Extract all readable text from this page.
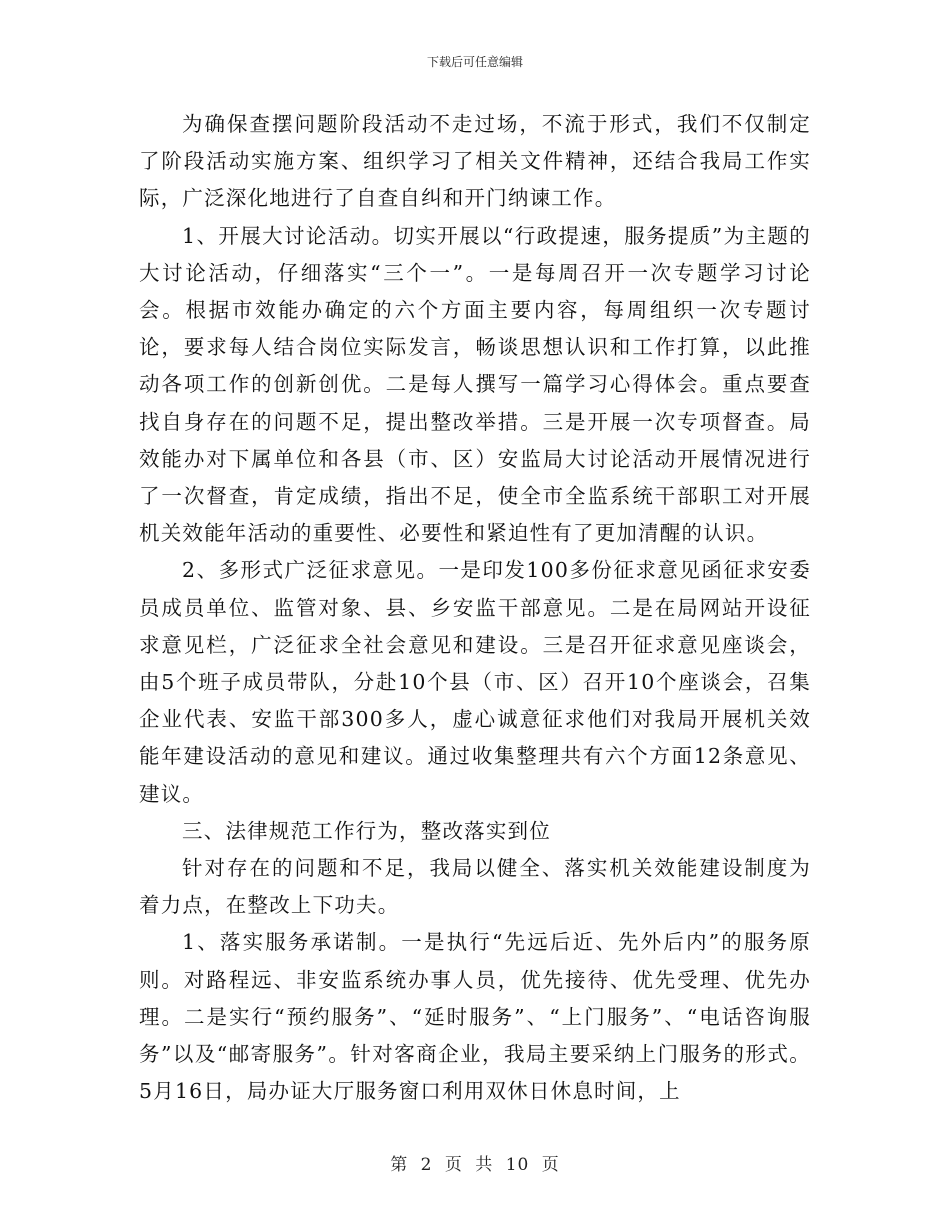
下载后可任意编辑

为确保查摆问题阶段活动不走过场，不流于形式，我们不仅制定了阶段活动实施方案、组织学习了相关文件精神，还结合我局工作实际，广泛深化地进行了自查自纠和开门纳谏工作。

1、开展大讨论活动。切实开展以“行政提速，服务提质”为主题的大讨论活动，仔细落实“三个一”。一是每周召开一次专题学习讨论会。根据市效能办确定的六个方面主要内容，每周组织一次专题讨论，要求每人结合岗位实际发言，畅谈思想认识和工作打算，以此推动各项工作的创新创优。二是每人撰写一篇学习心得体会。重点要查找自身存在的问题不足，提出整改举措。三是开展一次专项督查。局效能办对下属单位和各县（市、区）安监局大讨论活动开展情况进行了一次督查，肯定成绩，指出不足，使全市全监系统干部职工对开展机关效能年活动的重要性、必要性和紧迫性有了更加清醒的认识。

2、多形式广泛征求意见。一是印发100多份征求意见函征求安委员成员单位、监管对象、县、乡安监干部意见。二是在局网站开设征求意见栏，广泛征求全社会意见和建设。三是召开征求意见座谈会，由5个班子成员带队，分赴10个县（市、区）召开10个座谈会，召集企业代表、安监干部300多人，虚心诚意征求他们对我局开展机关效能年建设活动的意见和建议。通过收集整理共有六个方面12条意见、建议。

三、法律规范工作行为，整改落实到位

针对存在的问题和不足，我局以健全、落实机关效能建设制度为着力点，在整改上下功夫。

1、落实服务承诺制。一是执行“先远后近、先外后内”的服务原则。对路程远、非安监系统办事人员，优先接待、优先受理、优先办理。二是实行“预约服务”、“延时服务”、“上门服务”、“电话咨询服务”以及“邮寄服务”。针对客商企业，我局主要采纳上门服务的形式。5月16日，局办证大厅服务窗口利用双休日休息时间，上

第 2 页 共 10 页
